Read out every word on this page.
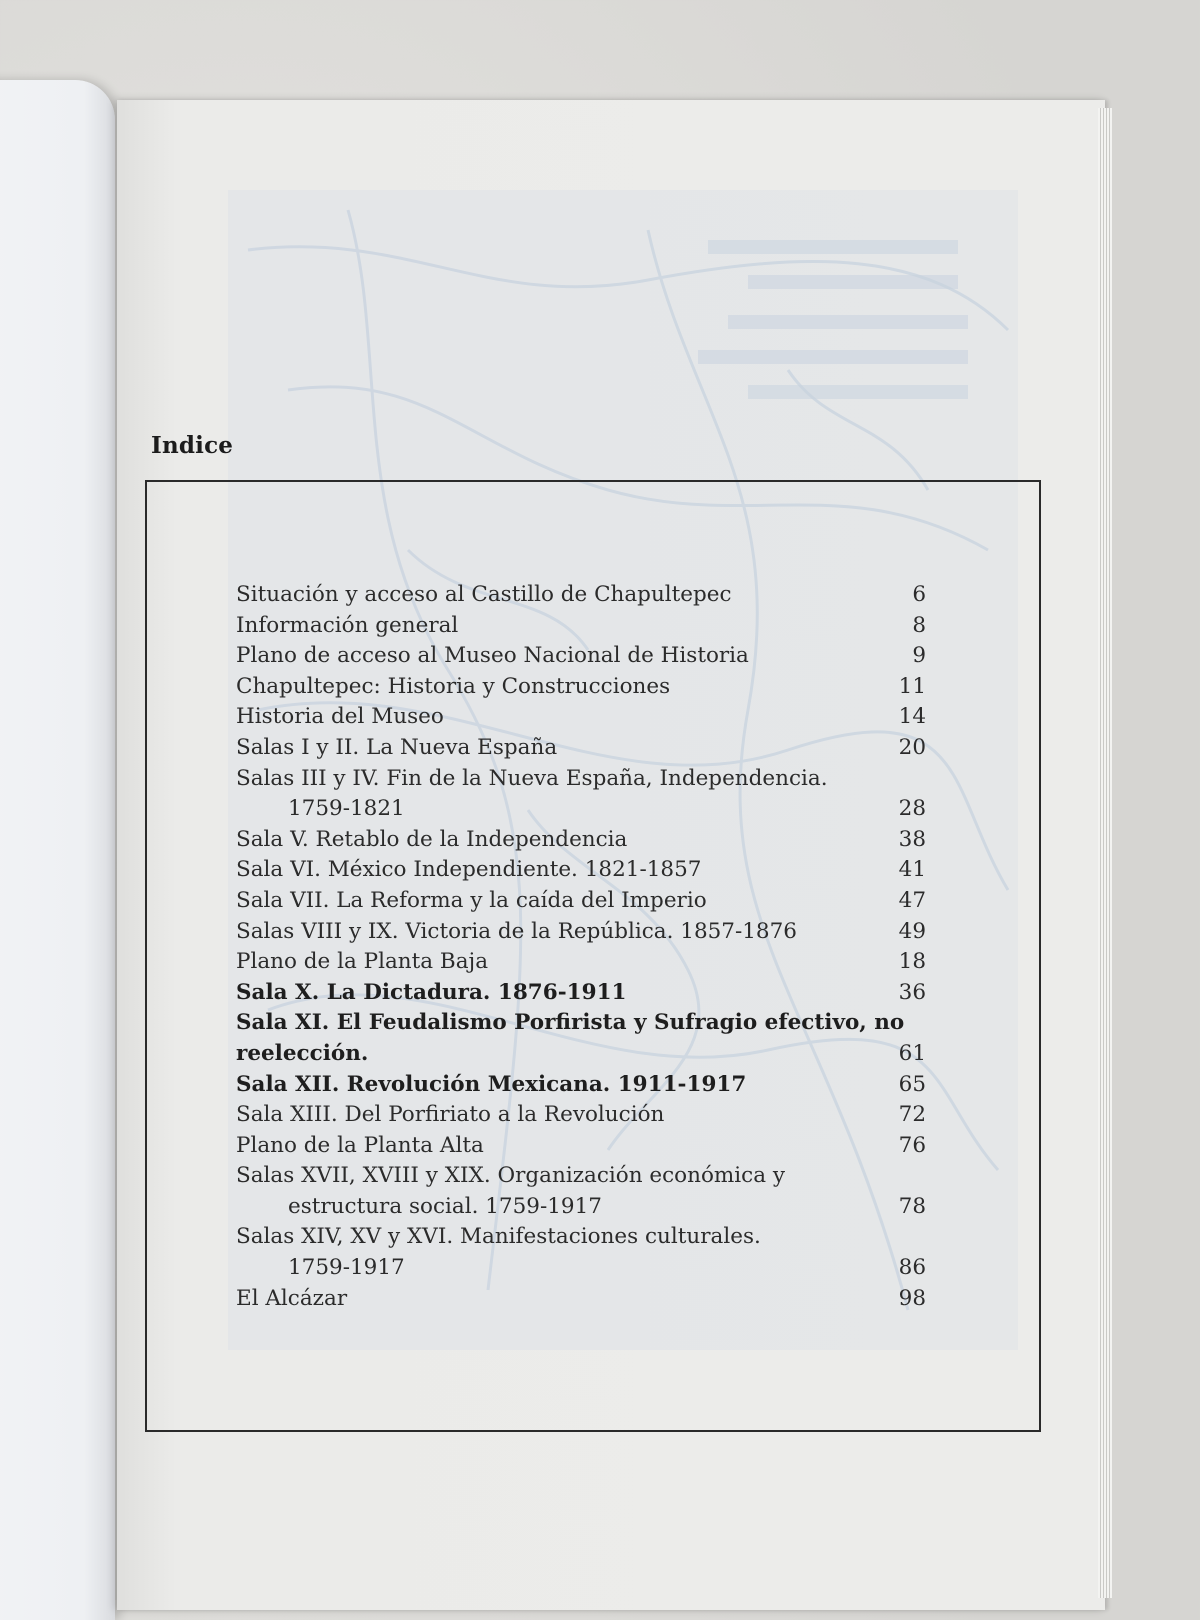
Indice
Situación y acceso al Castillo de Chapultepec	6
Información general	8
Plano de acceso al Museo Nacional de Historia	9
Chapultepec: Historia y Construcciones	11
Historia del Museo	14
Salas I y II. La Nueva España	20
Salas III y IV. Fin de la Nueva España, Independencia.
1759-1821	28
Sala V. Retablo de la Independencia	38
Sala VI. México Independiente. 1821-1857	41
Sala VII. La Reforma y la caída del Imperio	47
Salas VIII y IX. Victoria de la República. 1857-1876	49
Plano de la Planta Baja	18
Sala X. La Dictadura. 1876-1911	36
Sala XI. El Feudalismo Porfirista y Sufragio efectivo, no
reelección.	61
Sala XII. Revolución Mexicana. 1911-1917	65
Sala XIII. Del Porfiriato a la Revolución	72
Plano de la Planta Alta	76
Salas XVII, XVIII y XIX. Organización económica y
estructura social. 1759-1917	78
Salas XIV, XV y XVI. Manifestaciones culturales.
1759-1917	86
El Alcázar	98
